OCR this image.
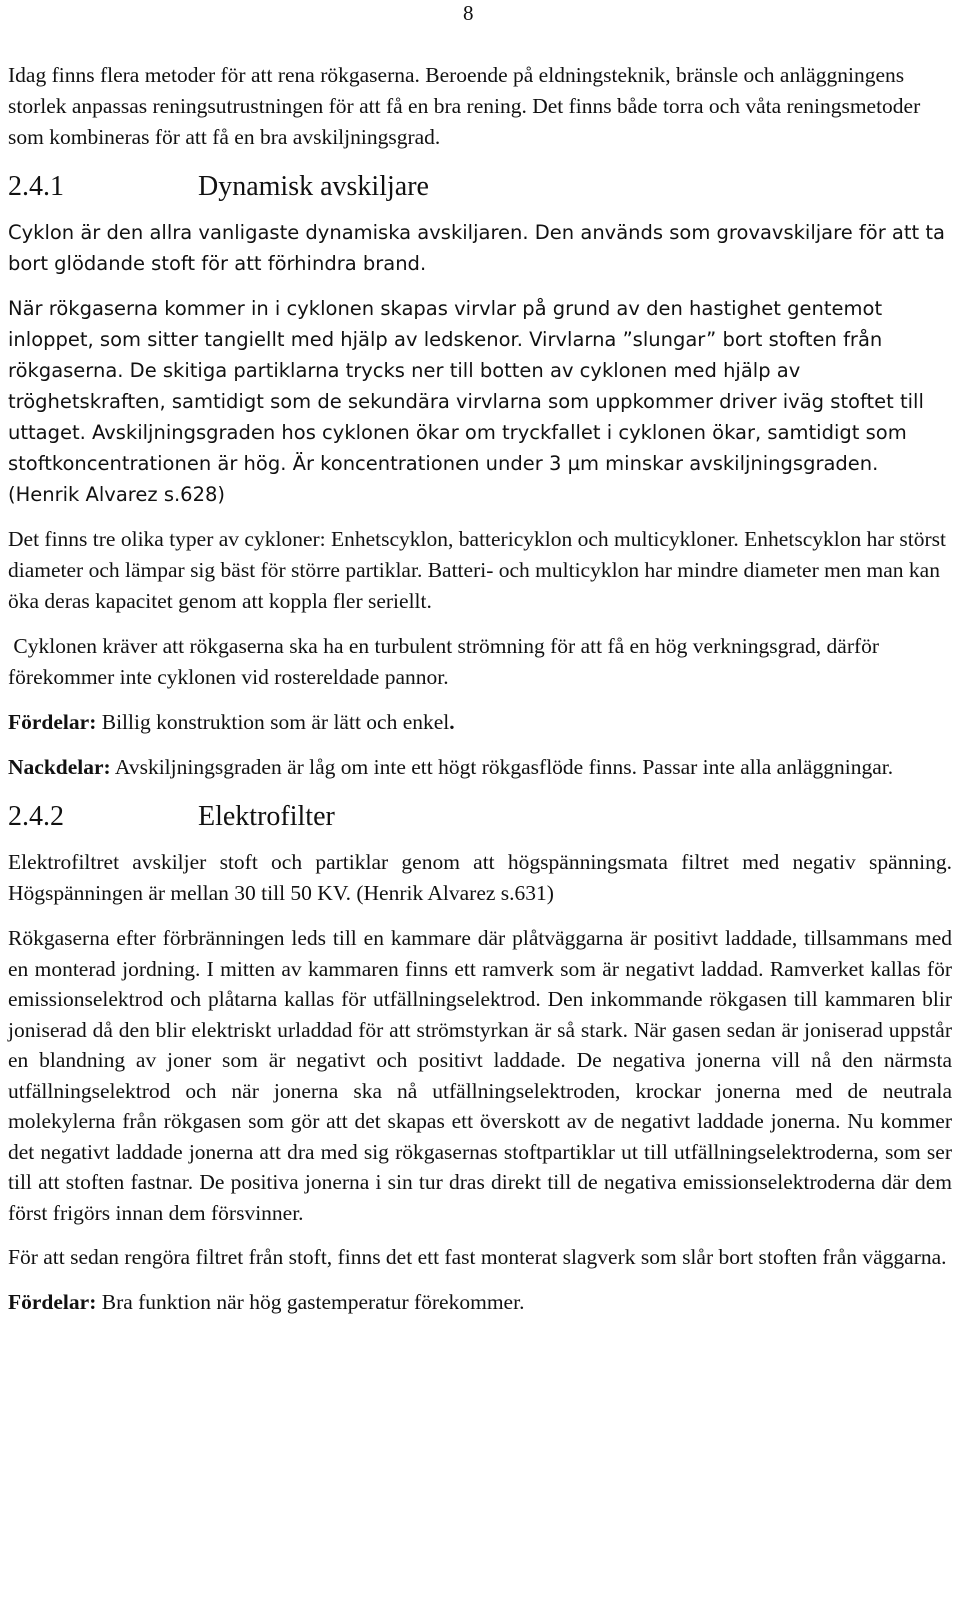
8

Idag finns flera metoder för att rena rökgaserna. Beroende på eldningsteknik, bränsle och anläggningens storlek anpassas reningsutrustningen för att få en bra rening. Det finns både torra och våta reningsmetoder som kombineras för att få en bra avskiljningsgrad.

2.4.1	Dynamisk avskiljare

Cyklon är den allra vanligaste dynamiska avskiljaren. Den används som grovavskiljare för att ta bort glödande stoft för att förhindra brand.

När rökgaserna kommer in i cyklonen skapas virvlar på grund av den hastighet gentemot inloppet, som sitter tangiellt med hjälp av ledskenor. Virvlarna ”slungar” bort stoften från rökgaserna. De skitiga partiklarna trycks ner till botten av cyklonen med hjälp av tröghetskraften, samtidigt som de sekundära virvlarna som uppkommer driver iväg stoftet till uttaget. Avskiljningsgraden hos cyklonen ökar om tryckfallet i cyklonen ökar, samtidigt som stoftkoncentrationen är hög. Är koncentrationen under 3 µm minskar avskiljningsgraden. (Henrik Alvarez s.628)

Det finns tre olika typer av cykloner: Enhetscyklon, battericyklon och multicykloner. Enhetscyklon har störst diameter och lämpar sig bäst för större partiklar. Batteri- och multicyklon har mindre diameter men man kan öka deras kapacitet genom att koppla fler seriellt.

Cyklonen kräver att rökgaserna ska ha en turbulent strömning för att få en hög verkningsgrad, därför förekommer inte cyklonen vid rostereldade pannor.

Fördelar: Billig konstruktion som är lätt och enkel.

Nackdelar: Avskiljningsgraden är låg om inte ett högt rökgasflöde finns. Passar inte alla anläggningar.

2.4.2	Elektrofilter

Elektrofiltret avskiljer stoft och partiklar genom att högspänningsmata filtret med negativ spänning. Högspänningen är mellan 30 till 50 KV. (Henrik Alvarez s.631)

Rökgaserna efter förbränningen leds till en kammare där plåtväggarna är positivt laddade, tillsammans med en monterad jordning. I mitten av kammaren finns ett ramverk som är negativt laddad. Ramverket kallas för emissionselektrod och plåtarna kallas för utfällningselektrod. Den inkommande rökgasen till kammaren blir joniserad då den blir elektriskt urladdad för att strömstyrkan är så stark. När gasen sedan är joniserad uppstår en blandning av joner som är negativt och positivt laddade. De negativa jonerna vill nå den närmsta utfällningselektrod och när jonerna ska nå utfällningselektroden, krockar jonerna med de neutrala molekylerna från rökgasen som gör att det skapas ett överskott av de negativt laddade jonerna. Nu kommer det negativt laddade jonerna att dra med sig rökgasernas stoftpartiklar ut till utfällningselektroderna, som ser till att stoften fastnar. De positiva jonerna i sin tur dras direkt till de negativa emissionselektroderna där dem först frigörs innan dem försvinner.

För att sedan rengöra filtret från stoft, finns det ett fast monterat slagverk som slår bort stoften från väggarna.

Fördelar: Bra funktion när hög gastemperatur förekommer.
